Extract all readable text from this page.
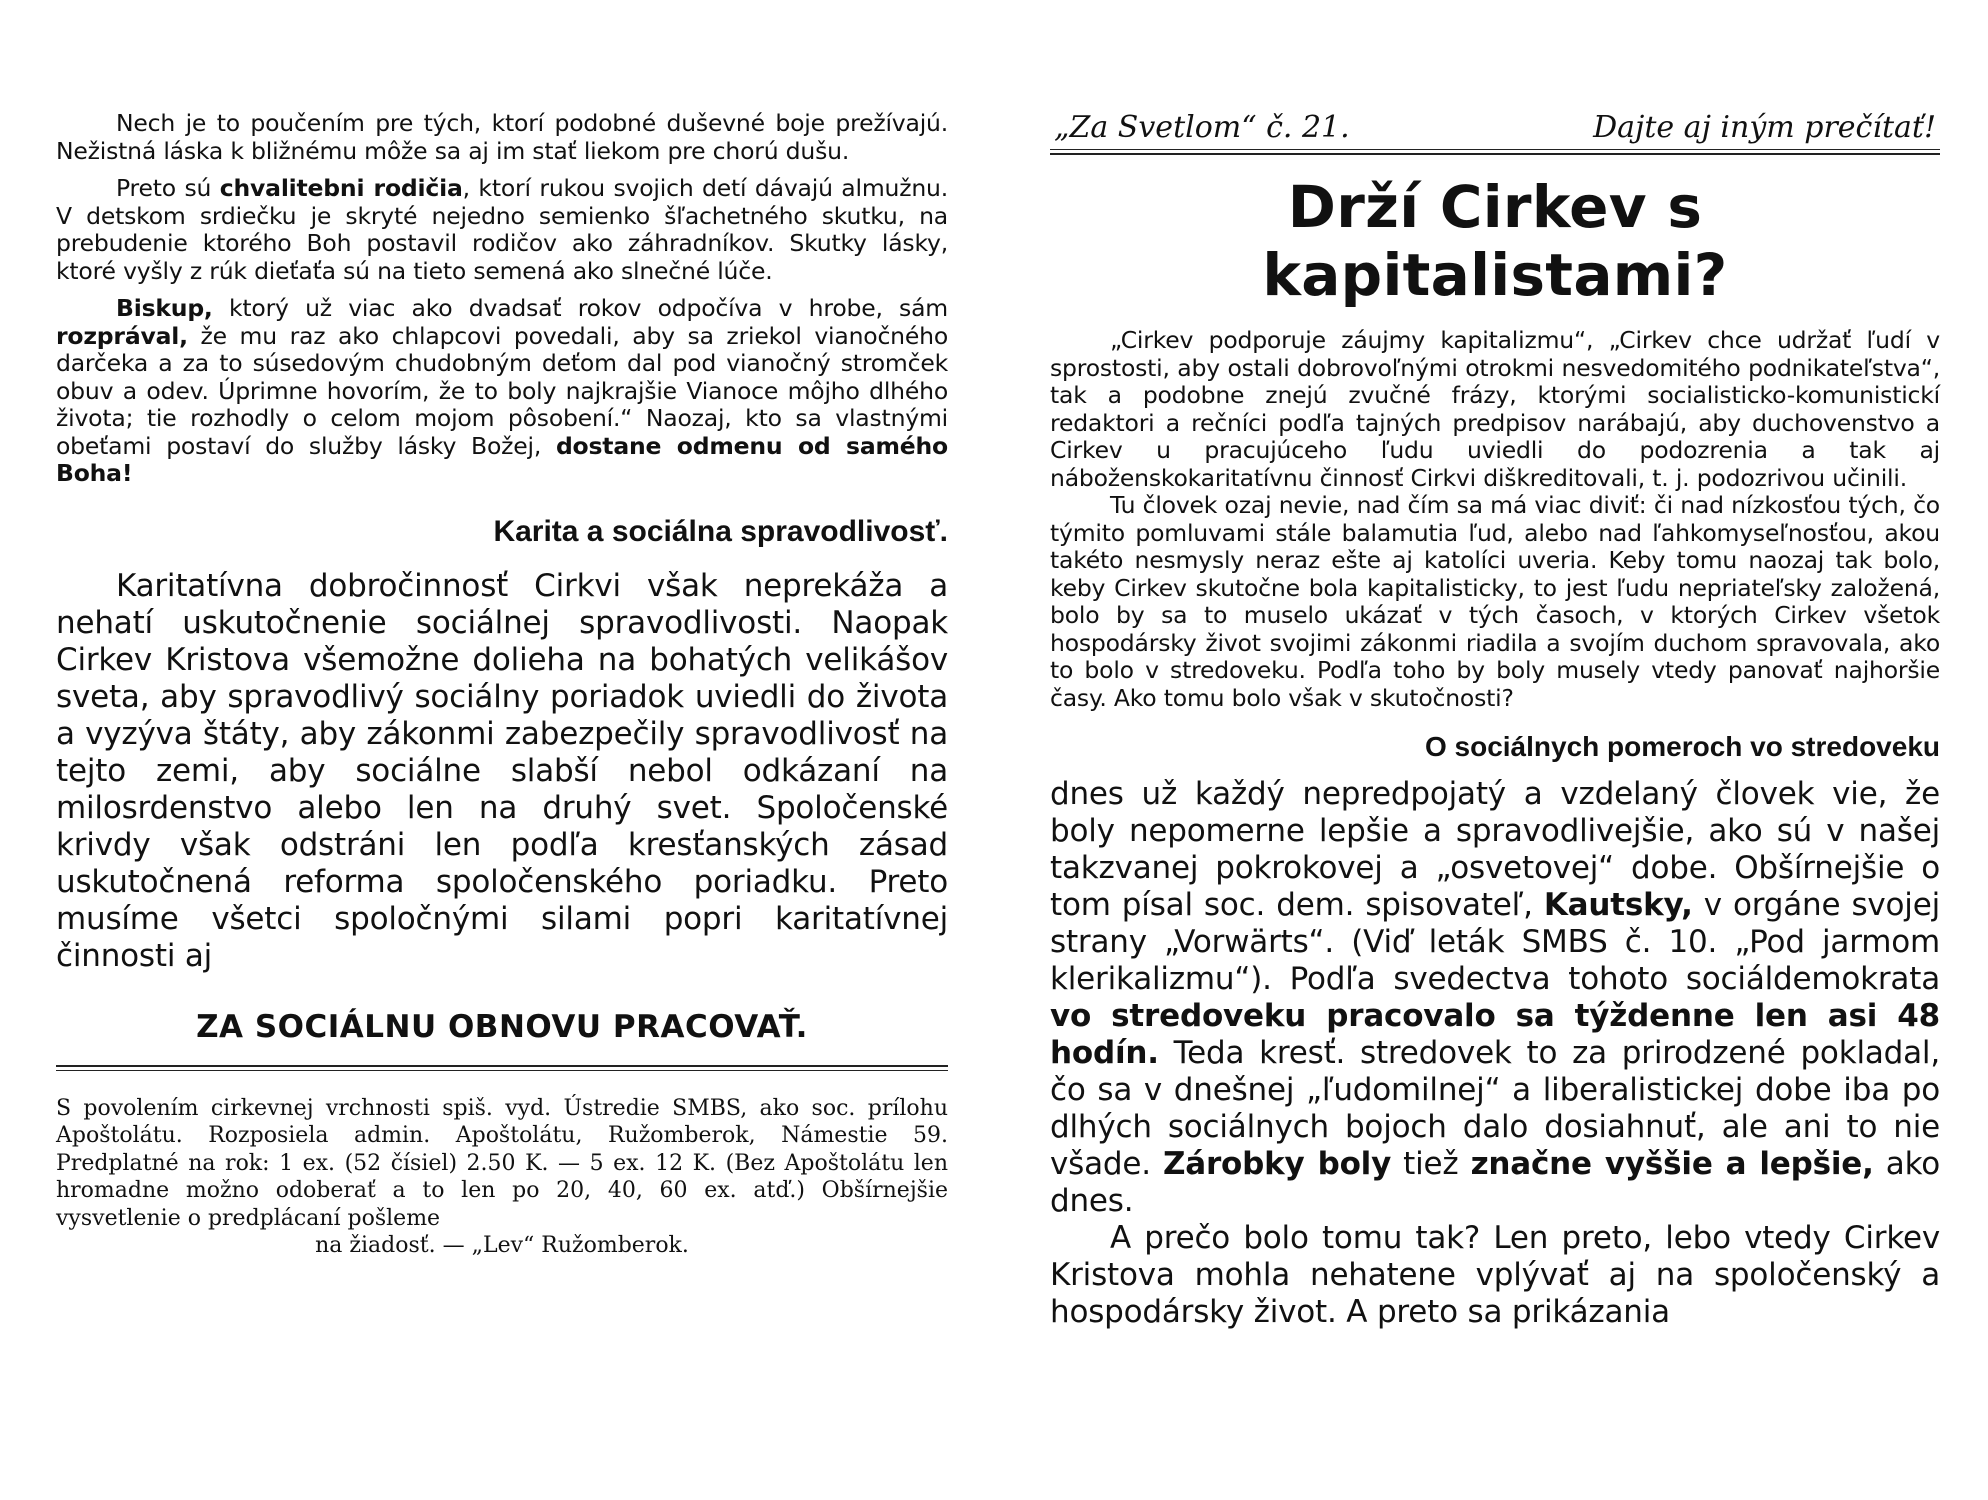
Nech je to poučením pre tých, ktorí podobné duševné boje prežívajú. Nežistná láska k bližnému môže sa aj im stať liekom pre chorú dušu.

Preto sú chvalitebni rodičia, ktorí rukou svojich detí dávajú almužnu. V detskom srdiečku je skryté nejedno semienko šľachetného skutku, na prebudenie ktorého Boh postavil rodičov ako záhradníkov. Skutky lásky, ktoré vyšly z rúk dieťaťa sú na tieto semená ako slnečné lúče.

Biskup, ktorý už viac ako dvadsať rokov odpočíva v hrobe, sám rozprával, že mu raz ako chlapcovi povedali, aby sa zriekol vianočného darčeka a za to súsedovým chudobným deťom dal pod vianočný stromček obuv a odev. Úprimne hovorím, že to boly najkrajšie Vianoce môjho dlhého života; tie rozhodly o celom mojom pôsobení.“ Naozaj, kto sa vlastnými obeťami postaví do služby lásky Božej, dostane odmenu od samého Boha!

Karita a sociálna spravodlivosť.

Karitatívna dobročinnosť Cirkvi však neprekáža a nehatí uskutočnenie sociálnej spravodlivosti. Naopak Cirkev Kristova všemožne dolieha na bohatých velikášov sveta, aby spravodlivý sociálny poriadok uviedli do života a vyzýva štáty, aby zákonmi zabezpečily spravodlivosť na tejto zemi, aby sociálne slabší nebol odkázaní na milosrdenstvo alebo len na druhý svet. Spoločenské krivdy však odstráni len podľa kresťanských zásad uskutočnená reforma spoločenského poriadku. Preto musíme všetci spoločnými silami popri karitatívnej činnosti aj

ZA SOCIÁLNU OBNOVU PRACOVAŤ.

S povolením cirkevnej vrchnosti spiš. vyd. Ústredie SMBS, ako soc. prílohu Apoštolátu. Rozposiela admin. Apoštolátu, Ružomberok, Námestie 59. Predplatné na rok: 1 ex. (52 čísiel) 2.50 K. — 5 ex. 12 K. (Bez Apoštolátu len hromadne možno odoberať a to len po 20, 40, 60 ex. atď.) Obšírnejšie vysvetlenie o predplácaní pošleme

na žiadosť. — „Lev“ Ružomberok.
„Za Svetlom“ č. 21.	Dajte aj iným prečítať!
Drží Cirkev s kapitalistami?

„Cirkev podporuje záujmy kapitalizmu“, „Cirkev chce udržať ľudí v sprostosti, aby ostali dobrovoľnými otrokmi nesvedomitého podnikateľstva“, tak a podobne znejú zvučné frázy, ktorými socialisticko-komunistickí redaktori a rečníci podľa tajných predpisov narábajú, aby duchovenstvo a Cirkev u pracujúceho ľudu uviedli do podozrenia a tak aj náboženskokaritatívnu činnosť Cirkvi diškreditovali, t. j. podozrivou učinili.

Tu človek ozaj nevie, nad čím sa má viac diviť: či nad nízkosťou tých, čo týmito pomluvami stále balamutia ľud, alebo nad ľahkomyseľnosťou, akou takéto nesmysly neraz ešte aj katolíci uveria. Keby tomu naozaj tak bolo, keby Cirkev skutočne bola kapitalisticky, to jest ľudu nepriateľsky založená, bolo by sa to muselo ukázať v tých časoch, v ktorých Cirkev všetok hospodársky život svojimi zákonmi riadila a svojím duchom spravovala, ako to bolo v stredoveku. Podľa toho by boly musely vtedy panovať najhoršie časy. Ako tomu bolo však v skutočnosti?

O sociálnych pomeroch vo stredoveku

dnes už každý nepredpojatý a vzdelaný človek vie, že boly nepomerne lepšie a spravodlivejšie, ako sú v našej takzvanej pokrokovej a „osvetovej“ dobe. Obšírnejšie o tom písal soc. dem. spisovateľ, Kautsky, v orgáne svojej strany „Vorwärts“. (Viď leták SMBS č. 10. „Pod jarmom klerikalizmu“). Podľa svedectva tohoto sociáldemokrata vo stredoveku pracovalo sa týždenne len asi 48 hodín. Teda kresť. stredovek to za prirodzené pokladal, čo sa v dnešnej „ľudomilnej“ a liberalistickej dobe iba po dlhých sociálnych bojoch dalo dosiahnuť, ale ani to nie všade. Zárobky boly tiež značne vyššie a lepšie, ako dnes.

A prečo bolo tomu tak? Len preto, lebo vtedy Cirkev Kristova mohla nehatene vplývať aj na spoločenský a hospodársky život. A preto sa prikázania
